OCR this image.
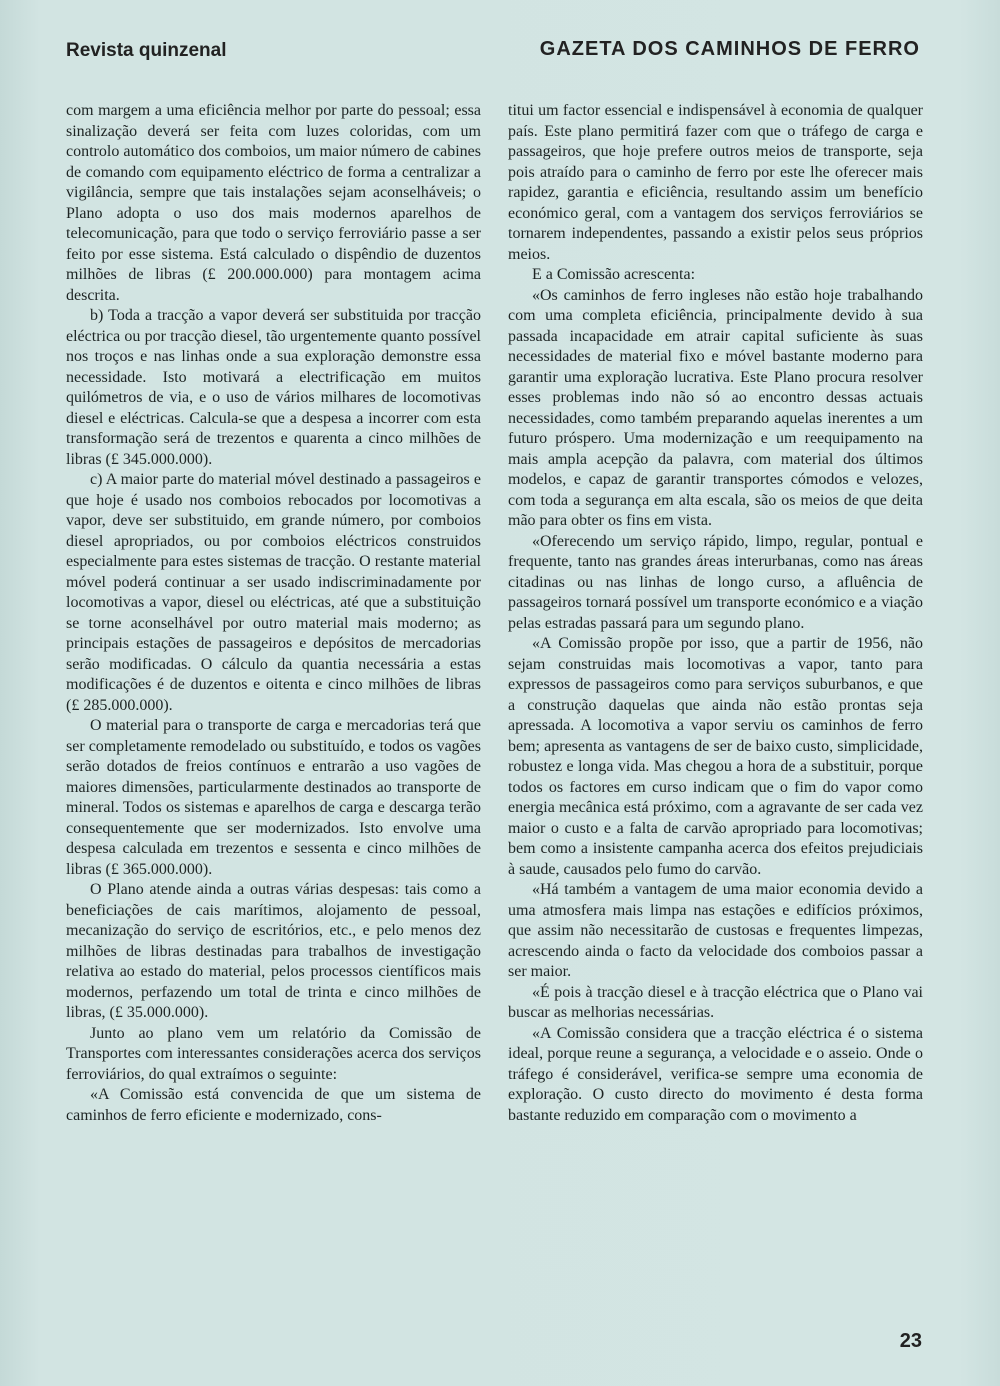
Revista quinzenal	GAZETA DOS CAMINHOS DE FERRO

com margem a uma eficiência melhor por parte do pessoal; essa sinalização deverá ser feita com luzes coloridas, com um controlo automático dos comboios, um maior número de cabines de comando com equipamento eléctrico de forma a centralizar a vigilância, sempre que tais instalações sejam aconselháveis; o Plano adopta o uso dos mais modernos aparelhos de telecomunicação, para que todo o serviço ferroviário passe a ser feito por esse sistema. Está calculado o dispêndio de duzentos milhões de libras (£ 200.000.000) para montagem acima descrita.

b) Toda a tracção a vapor deverá ser substituida por tracção eléctrica ou por tracção diesel, tão urgentemente quanto possível nos troços e nas linhas onde a sua exploração demonstre essa necessidade. Isto motivará a electrificação em muitos quilómetros de via, e o uso de vários milhares de locomotivas diesel e eléctricas. Calcula-se que a despesa a incorrer com esta transformação será de trezentos e quarenta a cinco milhões de libras (£ 345.000.000).

c) A maior parte do material móvel destinado a passageiros e que hoje é usado nos comboios rebocados por locomotivas a vapor, deve ser substituido, em grande número, por comboios diesel apropriados, ou por comboios eléctricos construidos especialmente para estes sistemas de tracção. O restante material móvel poderá continuar a ser usado indiscriminadamente por locomotivas a vapor, diesel ou eléctricas, até que a substituição se torne aconselhável por outro material mais moderno; as principais estações de passageiros e depósitos de mercadorias serão modificadas. O cálculo da quantia necessária a estas modificações é de duzentos e oitenta e cinco milhões de libras (£ 285.000.000).

O material para o transporte de carga e mercadorias terá que ser completamente remodelado ou substituído, e todos os vagões serão dotados de freios contínuos e entrarão a uso vagões de maiores dimensões, particularmente destinados ao transporte de mineral. Todos os sistemas e aparelhos de carga e descarga terão consequentemente que ser modernizados. Isto envolve uma despesa calculada em trezentos e sessenta e cinco milhões de libras (£ 365.000.000).

O Plano atende ainda a outras várias despesas: tais como a beneficiações de cais marítimos, alojamento de pessoal, mecanização do serviço de escritórios, etc., e pelo menos dez milhões de libras destinadas para trabalhos de investigação relativa ao estado do material, pelos processos científicos mais modernos, perfazendo um total de trinta e cinco milhões de libras, (£ 35.000.000).

Junto ao plano vem um relatório da Comissão de Transportes com interessantes considerações acerca dos serviços ferroviários, do qual extraímos o seguinte:

«A Comissão está convencida de que um sistema de caminhos de ferro eficiente e modernizado, cons-

titui um factor essencial e indispensável à economia de qualquer país. Este plano permitirá fazer com que o tráfego de carga e passageiros, que hoje prefere outros meios de transporte, seja pois atraído para o caminho de ferro por este lhe oferecer mais rapidez, garantia e eficiência, resultando assim um benefício económico geral, com a vantagem dos serviços ferroviários se tornarem independentes, passando a existir pelos seus próprios meios.

E a Comissão acrescenta:

«Os caminhos de ferro ingleses não estão hoje trabalhando com uma completa eficiência, principalmente devido à sua passada incapacidade em atrair capital suficiente às suas necessidades de material fixo e móvel bastante moderno para garantir uma exploração lucrativa. Este Plano procura resolver esses problemas indo não só ao encontro dessas actuais necessidades, como também preparando aquelas inerentes a um futuro próspero. Uma modernização e um reequipamento na mais ampla acepção da palavra, com material dos últimos modelos, e capaz de garantir transportes cómodos e velozes, com toda a segurança em alta escala, são os meios de que deita mão para obter os fins em vista.

«Oferecendo um serviço rápido, limpo, regular, pontual e frequente, tanto nas grandes áreas interurbanas, como nas áreas citadinas ou nas linhas de longo curso, a afluência de passageiros tornará possível um transporte económico e a viação pelas estradas passará para um segundo plano.

«A Comissão propõe por isso, que a partir de 1956, não sejam construidas mais locomotivas a vapor, tanto para expressos de passageiros como para serviços suburbanos, e que a construção daquelas que ainda não estão prontas seja apressada. A locomotiva a vapor serviu os caminhos de ferro bem; apresenta as vantagens de ser de baixo custo, simplicidade, robustez e longa vida. Mas chegou a hora de a substituir, porque todos os factores em curso indicam que o fim do vapor como energia mecânica está próximo, com a agravante de ser cada vez maior o custo e a falta de carvão apropriado para locomotivas; bem como a insistente campanha acerca dos efeitos prejudiciais à saude, causados pelo fumo do carvão.

«Há também a vantagem de uma maior economia devido a uma atmosfera mais limpa nas estações e edifícios próximos, que assim não necessitarão de custosas e frequentes limpezas, acrescendo ainda o facto da velocidade dos comboios passar a ser maior.

«É pois à tracção diesel e à tracção eléctrica que o Plano vai buscar as melhorias necessárias.

«A Comissão considera que a tracção eléctrica é o sistema ideal, porque reune a segurança, a velocidade e o asseio. Onde o tráfego é considerável, verifica-se sempre uma economia de exploração. O custo directo do movimento é desta forma bastante reduzido em comparação com o movimento a

23
